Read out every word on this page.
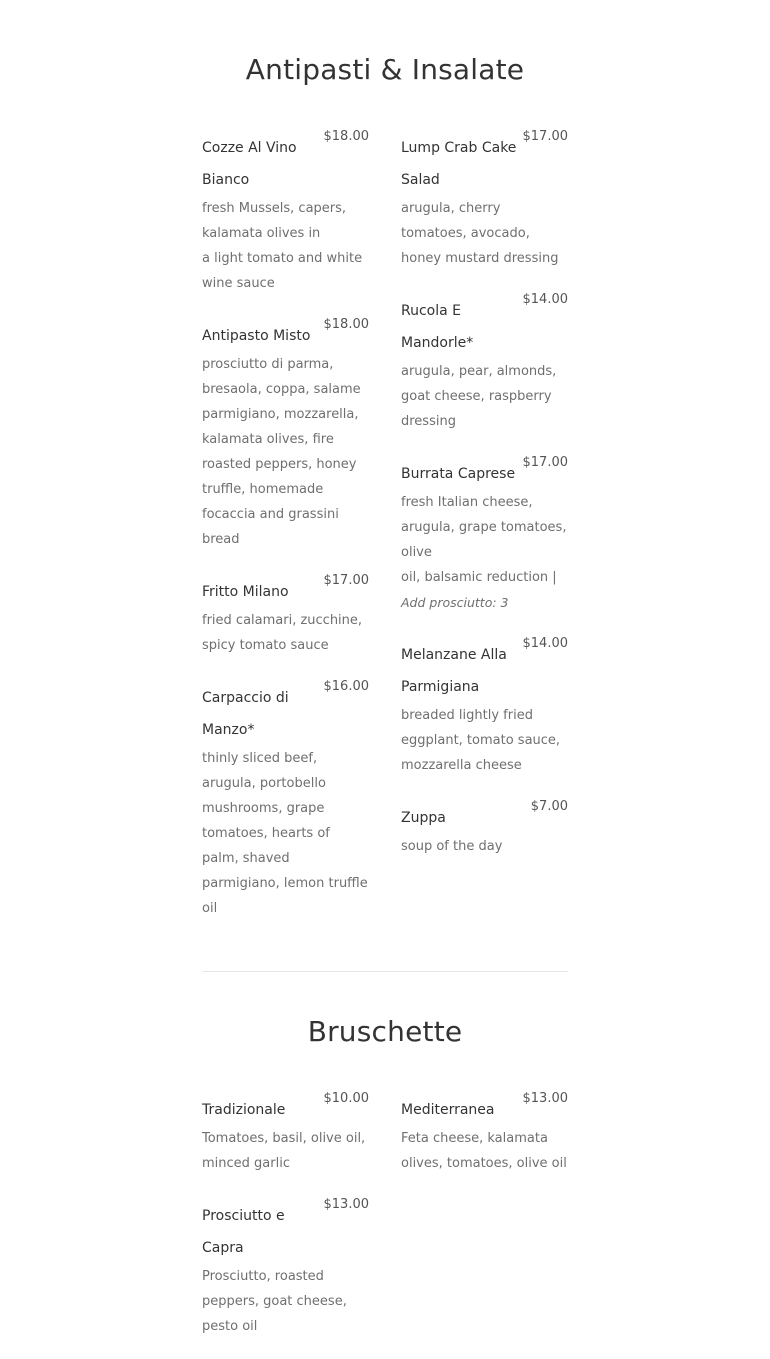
Antipasti & Insalate
Cozze Al Vino Bianco
$18.00
fresh Mussels, capers, kalamata olives in
a light tomato and white wine sauce
Antipasto Misto
$18.00
prosciutto di parma, bresaola, coppa, salame parmigiano, mozzarella, kalamata olives, fire roasted peppers, honey truffle, homemade focaccia and grassini bread
Fritto Milano
$17.00
fried calamari, zucchine, spicy tomato sauce
Carpaccio di Manzo*
$16.00
thinly sliced beef, arugula, portobello mushrooms, grape tomatoes, hearts of palm, shaved parmigiano, lemon truffle oil
Lump Crab Cake Salad
$17.00
arugula, cherry tomatoes, avocado, honey mustard dressing
Rucola E Mandorle*
$14.00
arugula, pear, almonds, goat cheese, raspberry dressing
Burrata Caprese
$17.00
fresh Italian cheese, arugula, grape tomatoes, olive
oil, balsamic reduction |
Add prosciutto: 3
Melanzane Alla Parmigiana
$14.00
breaded lightly fried eggplant, tomato sauce, mozzarella cheese
Zuppa
$7.00
soup of the day
Bruschette
Tradizionale
$10.00
Tomatoes, basil, olive oil, minced garlic
Prosciutto e Capra
$13.00
Prosciutto, roasted peppers, goat cheese, pesto oil
Mediterranea
$13.00
Feta cheese, kalamata olives, tomatoes, olive oil
